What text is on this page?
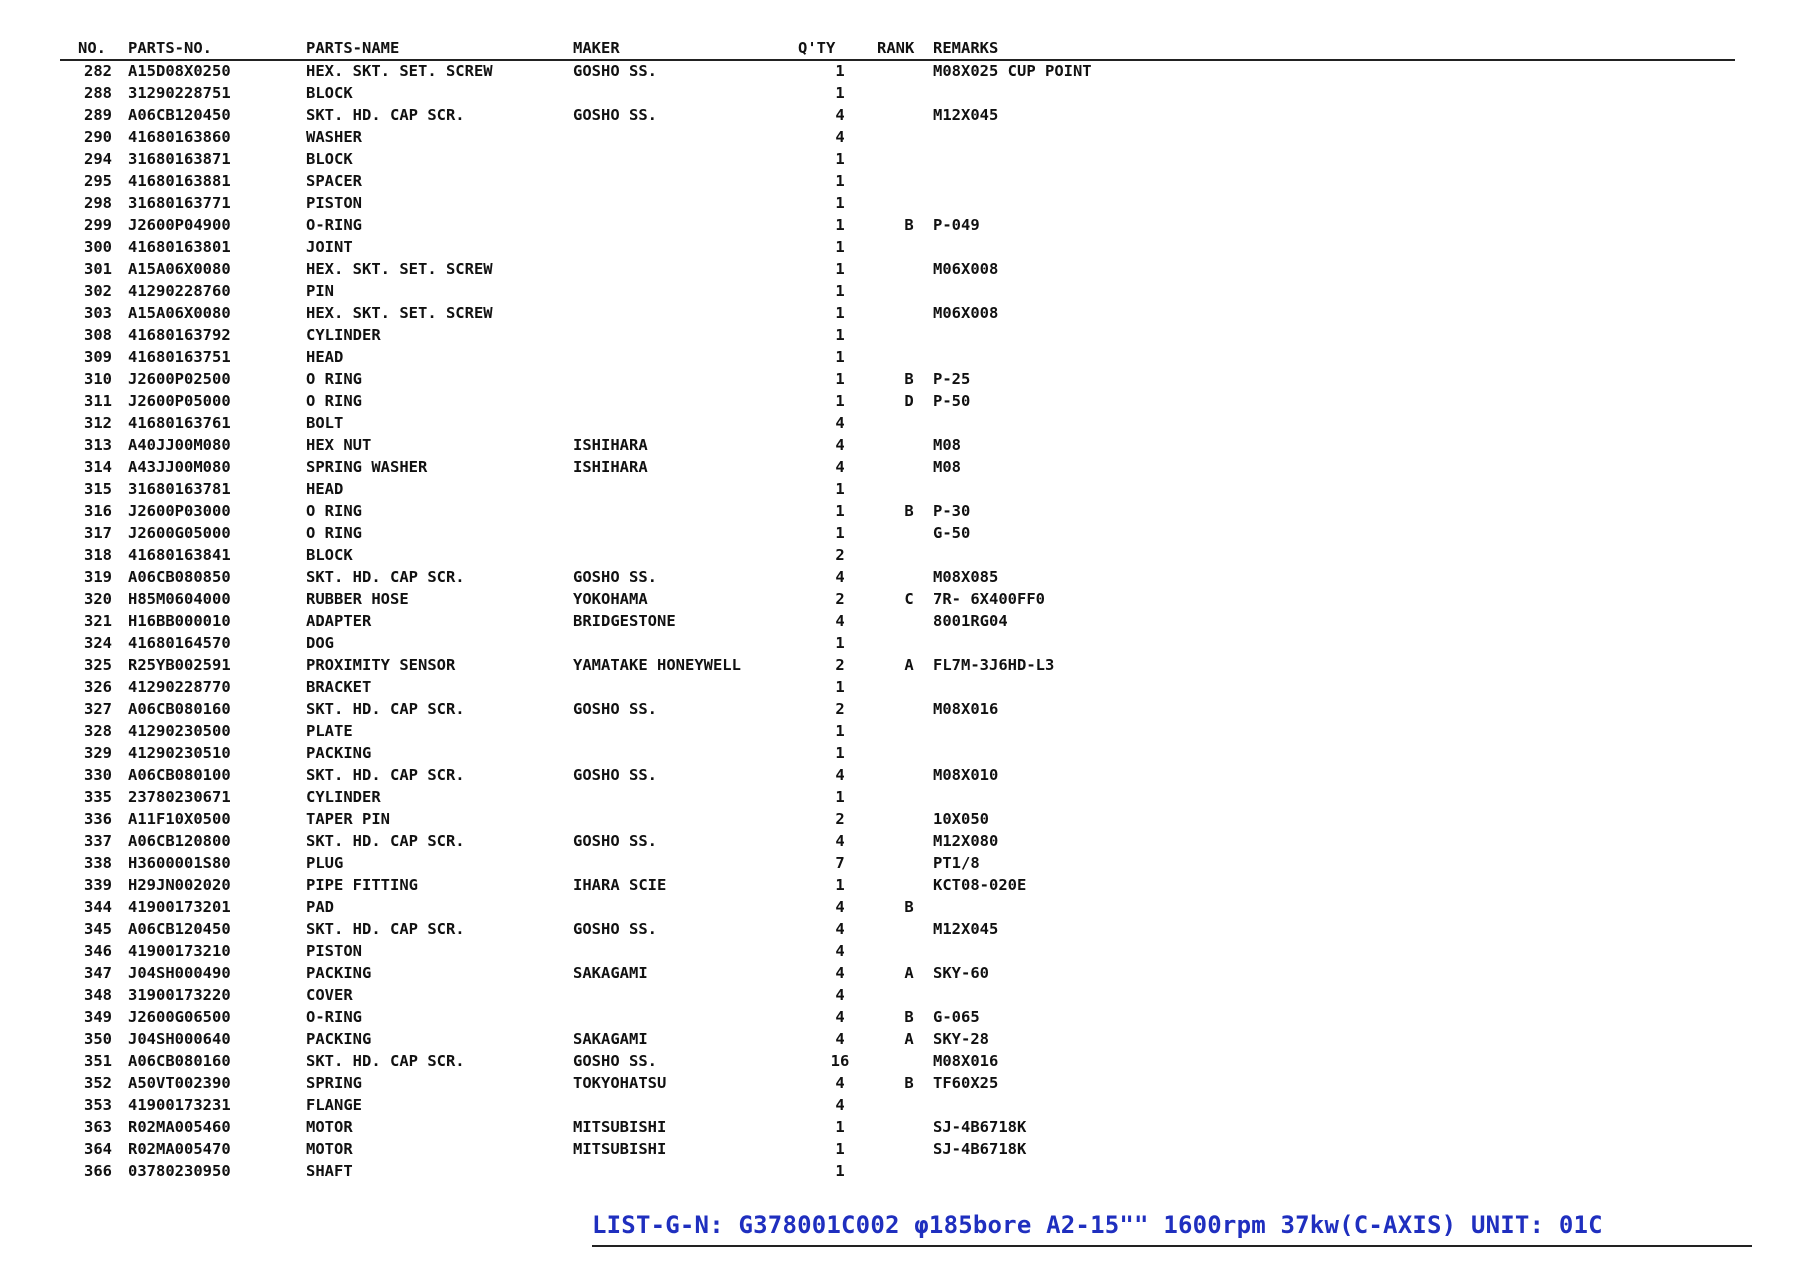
NO. PARTS-NO.	PARTS-NAME	MAKER	Q'TY	RANK REMARKS
282 A15D08X0250	HEX. SKT. SET. SCREW	GOSHO SS.	1	M08X025 CUP POINT
288 31290228751	BLOCK	1
289 A06CB120450	SKT. HD. CAP SCR.	GOSHO SS.	4	M12X045
290 41680163860	WASHER	4
294 31680163871	BLOCK	1
295 41680163881	SPACER	1
298 31680163771	PISTON	1
299 J2600P04900	O-RING	1	B	P-049
300 41680163801	JOINT	1
301 A15A06X0080	HEX. SKT. SET. SCREW	1	M06X008
302 41290228760	PIN	1
303 A15A06X0080	HEX. SKT. SET. SCREW	1	M06X008
308 41680163792	CYLINDER	1
309 41680163751	HEAD	1
310 J2600P02500	O RING	1	B	P-25
311 J2600P05000	O RING	1	D	P-50
312 41680163761	BOLT	4
313 A40JJ00M080	HEX NUT	ISHIHARA	4	M08
314 A43JJ00M080	SPRING WASHER	ISHIHARA	4	M08
315 31680163781	HEAD	1
316 J2600P03000	O RING	1	B	P-30
317 J2600G05000	O RING	1	G-50
318 41680163841	BLOCK	2
319 A06CB080850	SKT. HD. CAP SCR.	GOSHO SS.	4	M08X085
320 H85M0604000	RUBBER HOSE	YOKOHAMA	2	C	7R- 6X400FF0
321 H16BB000010	ADAPTER	BRIDGESTONE	4	8001RG04
324 41680164570	DOG	1
325 R25YB002591	PROXIMITY SENSOR	YAMATAKE HONEYWELL	2	A	FL7M-3J6HD-L3
326 41290228770	BRACKET	1
327 A06CB080160	SKT. HD. CAP SCR.	GOSHO SS.	2	M08X016
328 41290230500	PLATE	1
329 41290230510	PACKING	1
330 A06CB080100	SKT. HD. CAP SCR.	GOSHO SS.	4	M08X010
335 23780230671	CYLINDER	1
336 A11F10X0500	TAPER PIN	2	10X050
337 A06CB120800	SKT. HD. CAP SCR.	GOSHO SS.	4	M12X080
338 H3600001S80	PLUG	7	PT1/8
339 H29JN002020	PIPE FITTING	IHARA SCIE	1	KCT08-020E
344 41900173201	PAD	4	B
345 A06CB120450	SKT. HD. CAP SCR.	GOSHO SS.	4	M12X045
346 41900173210	PISTON	4
347 J04SH000490	PACKING	SAKAGAMI	4	A	SKY-60
348 31900173220	COVER	4
349 J2600G06500	O-RING	4	B	G-065
350 J04SH000640	PACKING	SAKAGAMI	4	A	SKY-28
351 A06CB080160	SKT. HD. CAP SCR.	GOSHO SS.	16	M08X016
352 A50VT002390	SPRING	TOKYOHATSU	4	B	TF60X25
353 41900173231	FLANGE	4
363 R02MA005460	MOTOR	MITSUBISHI	1	SJ-4B6718K
364 R02MA005470	MOTOR	MITSUBISHI	1	SJ-4B6718K
366 03780230950	SHAFT	1
LIST-G-N: G378001C002 φ185bore A2-15"" 1600rpm 37kw(C-AXIS) UNIT: 01C
